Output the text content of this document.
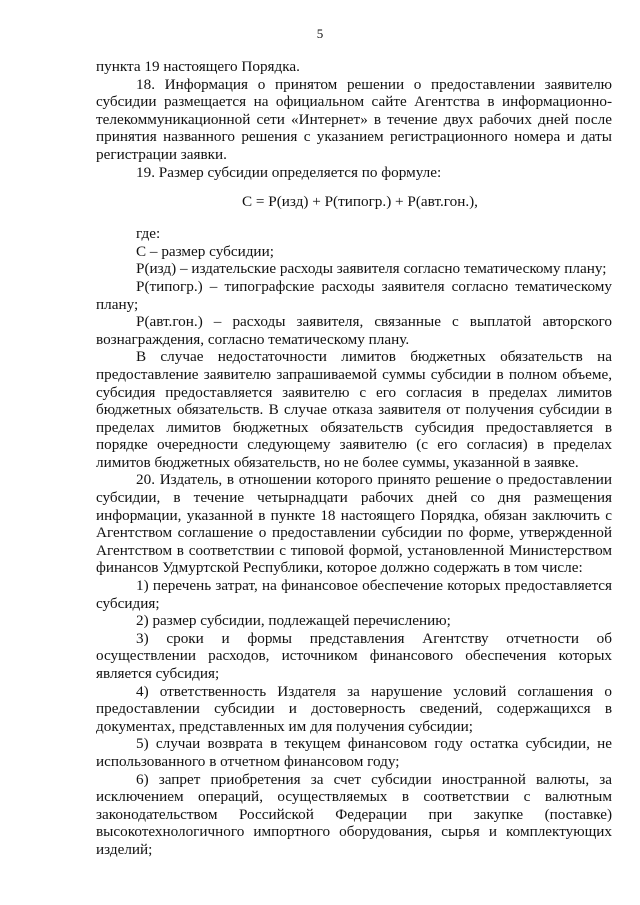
5

пункта 19 настоящего Порядка.

18. Информация о принятом решении о предоставлении заявителю субсидии размещается на официальном сайте Агентства в информационно-телекоммуникационной сети «Интернет» в течение двух рабочих дней после принятия названного решения с указанием регистрационного номера и даты регистрации заявки.

19. Размер субсидии определяется по формуле:

C = P(изд) + P(типогр.) + P(авт.гон.),
где:

С – размер субсидии;

Р(изд) – издательские расходы заявителя согласно тематическому плану;

Р(типогр.) – типографские расходы заявителя согласно тематическому плану;

Р(авт.гон.) – расходы заявителя, связанные с выплатой авторского вознаграждения, согласно тематическому плану.

В случае недостаточности лимитов бюджетных обязательств на предоставление заявителю запрашиваемой суммы субсидии в полном объеме, субсидия предоставляется заявителю с его согласия в пределах лимитов бюджетных обязательств. В случае отказа заявителя от получения субсидии в пределах лимитов бюджетных обязательств субсидия предоставляется в порядке очередности следующему заявителю (с его согласия) в пределах лимитов бюджетных обязательств, но не более суммы, указанной в заявке.

20. Издатель, в отношении которого принято решение о предоставлении субсидии, в течение четырнадцати рабочих дней со дня размещения информации, указанной в пункте 18 настоящего Порядка, обязан заключить с Агентством соглашение о предоставлении субсидии по форме, утвержденной Агентством в соответствии с типовой формой, установленной Министерством финансов Удмуртской Республики, которое должно содержать в том числе:

1) перечень затрат, на финансовое обеспечение которых предоставляется субсидия;

2) размер субсидии, подлежащей перечислению;

3) сроки и формы представления Агентству отчетности об осуществлении расходов, источником финансового обеспечения которых является субсидия;

4) ответственность Издателя за нарушение условий соглашения о предоставлении субсидии и достоверность сведений, содержащихся в документах, представленных им для получения субсидии;

5) случаи возврата в текущем финансовом году остатка субсидии, не использованного в отчетном финансовом году;

6) запрет приобретения за счет субсидии иностранной валюты, за исключением операций, осуществляемых в соответствии с валютным законодательством Российской Федерации при закупке (поставке) высокотехнологичного импортного оборудования, сырья и комплектующих изделий;
